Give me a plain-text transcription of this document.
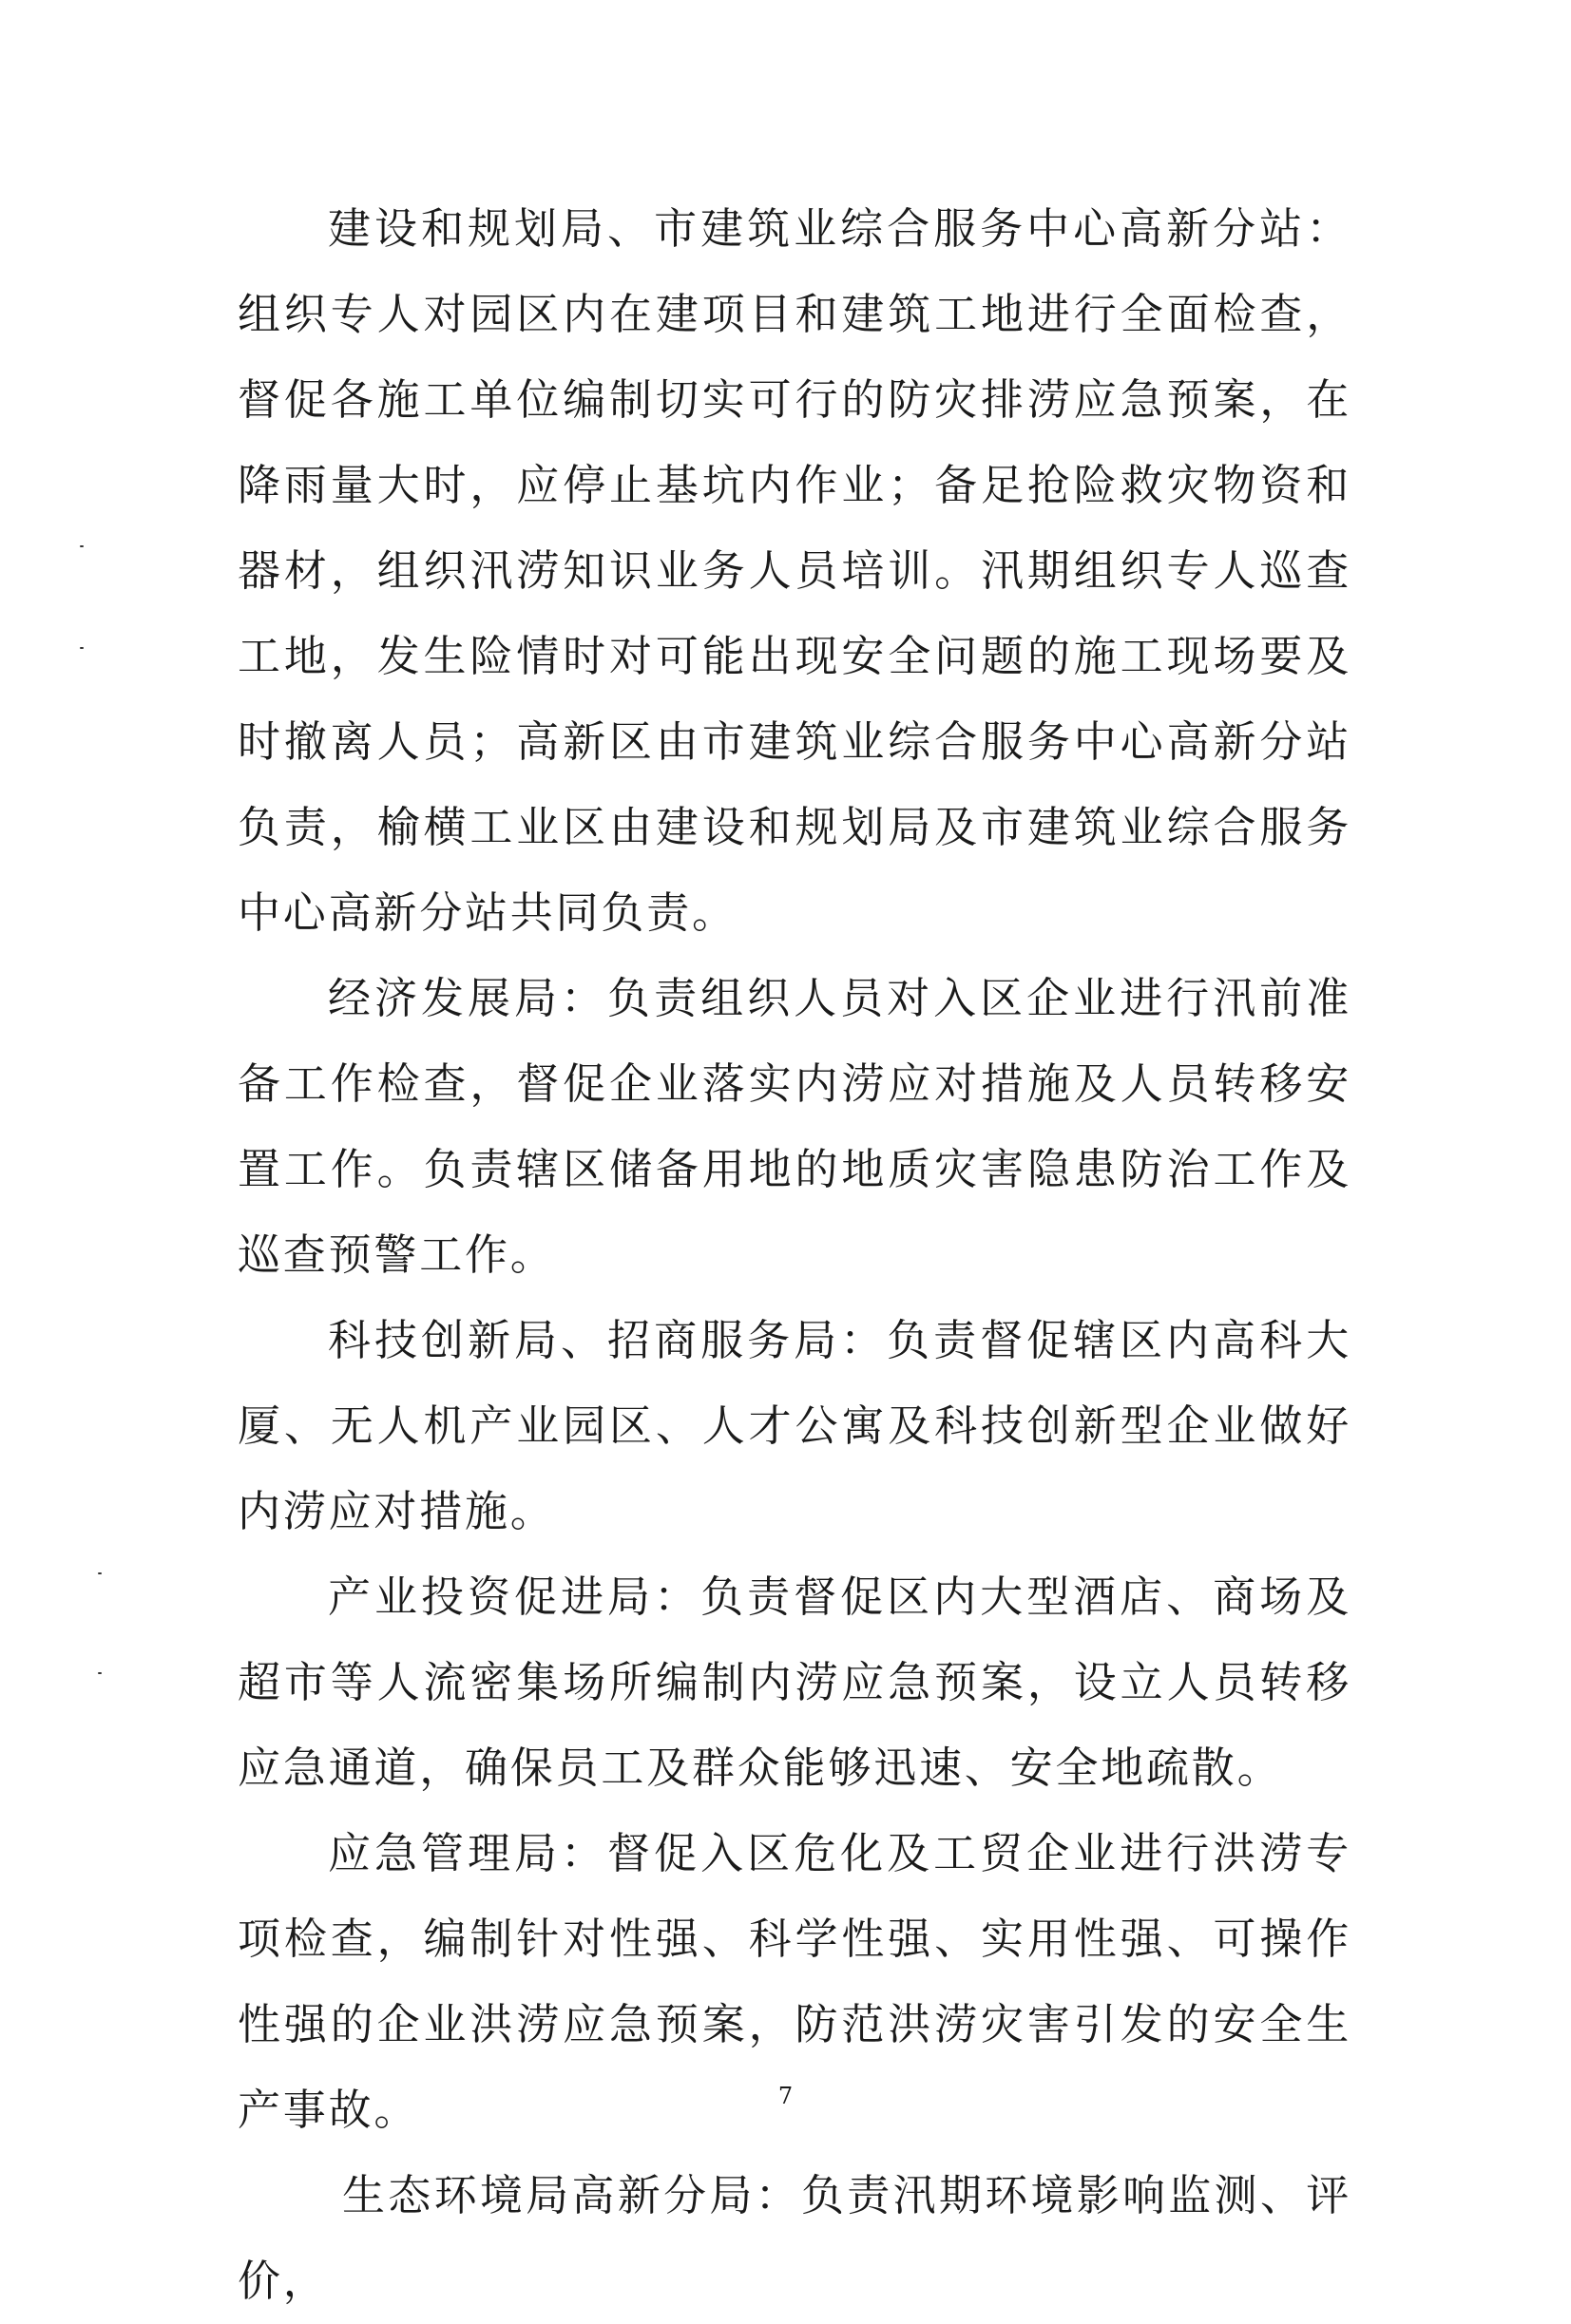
建设和规划局、市建筑业综合服务中心高新分站：组织专人对园区内在建项目和建筑工地进行全面检查，督促各施工单位编制切实可行的防灾排涝应急预案，在降雨量大时，应停止基坑内作业；备足抢险救灾物资和器材，组织汛涝知识业务人员培训。汛期组织专人巡查工地，发生险情时对可能出现安全问题的施工现场要及时撤离人员；高新区由市建筑业综合服务中心高新分站负责，榆横工业区由建设和规划局及市建筑业综合服务中心高新分站共同负责。

经济发展局：负责组织人员对入区企业进行汛前准备工作检查，督促企业落实内涝应对措施及人员转移安置工作。负责辖区储备用地的地质灾害隐患防治工作及巡查预警工作。

科技创新局、招商服务局：负责督促辖区内高科大厦、无人机产业园区、人才公寓及科技创新型企业做好内涝应对措施。

产业投资促进局：负责督促区内大型酒店、商场及超市等人流密集场所编制内涝应急预案，设立人员转移应急通道，确保员工及群众能够迅速、安全地疏散。

应急管理局：督促入区危化及工贸企业进行洪涝专项检查，编制针对性强、科学性强、实用性强、可操作性强的企业洪涝应急预案，防范洪涝灾害引发的安全生产事故。

生态环境局高新分局：负责汛期环境影响监测、评价，

7
